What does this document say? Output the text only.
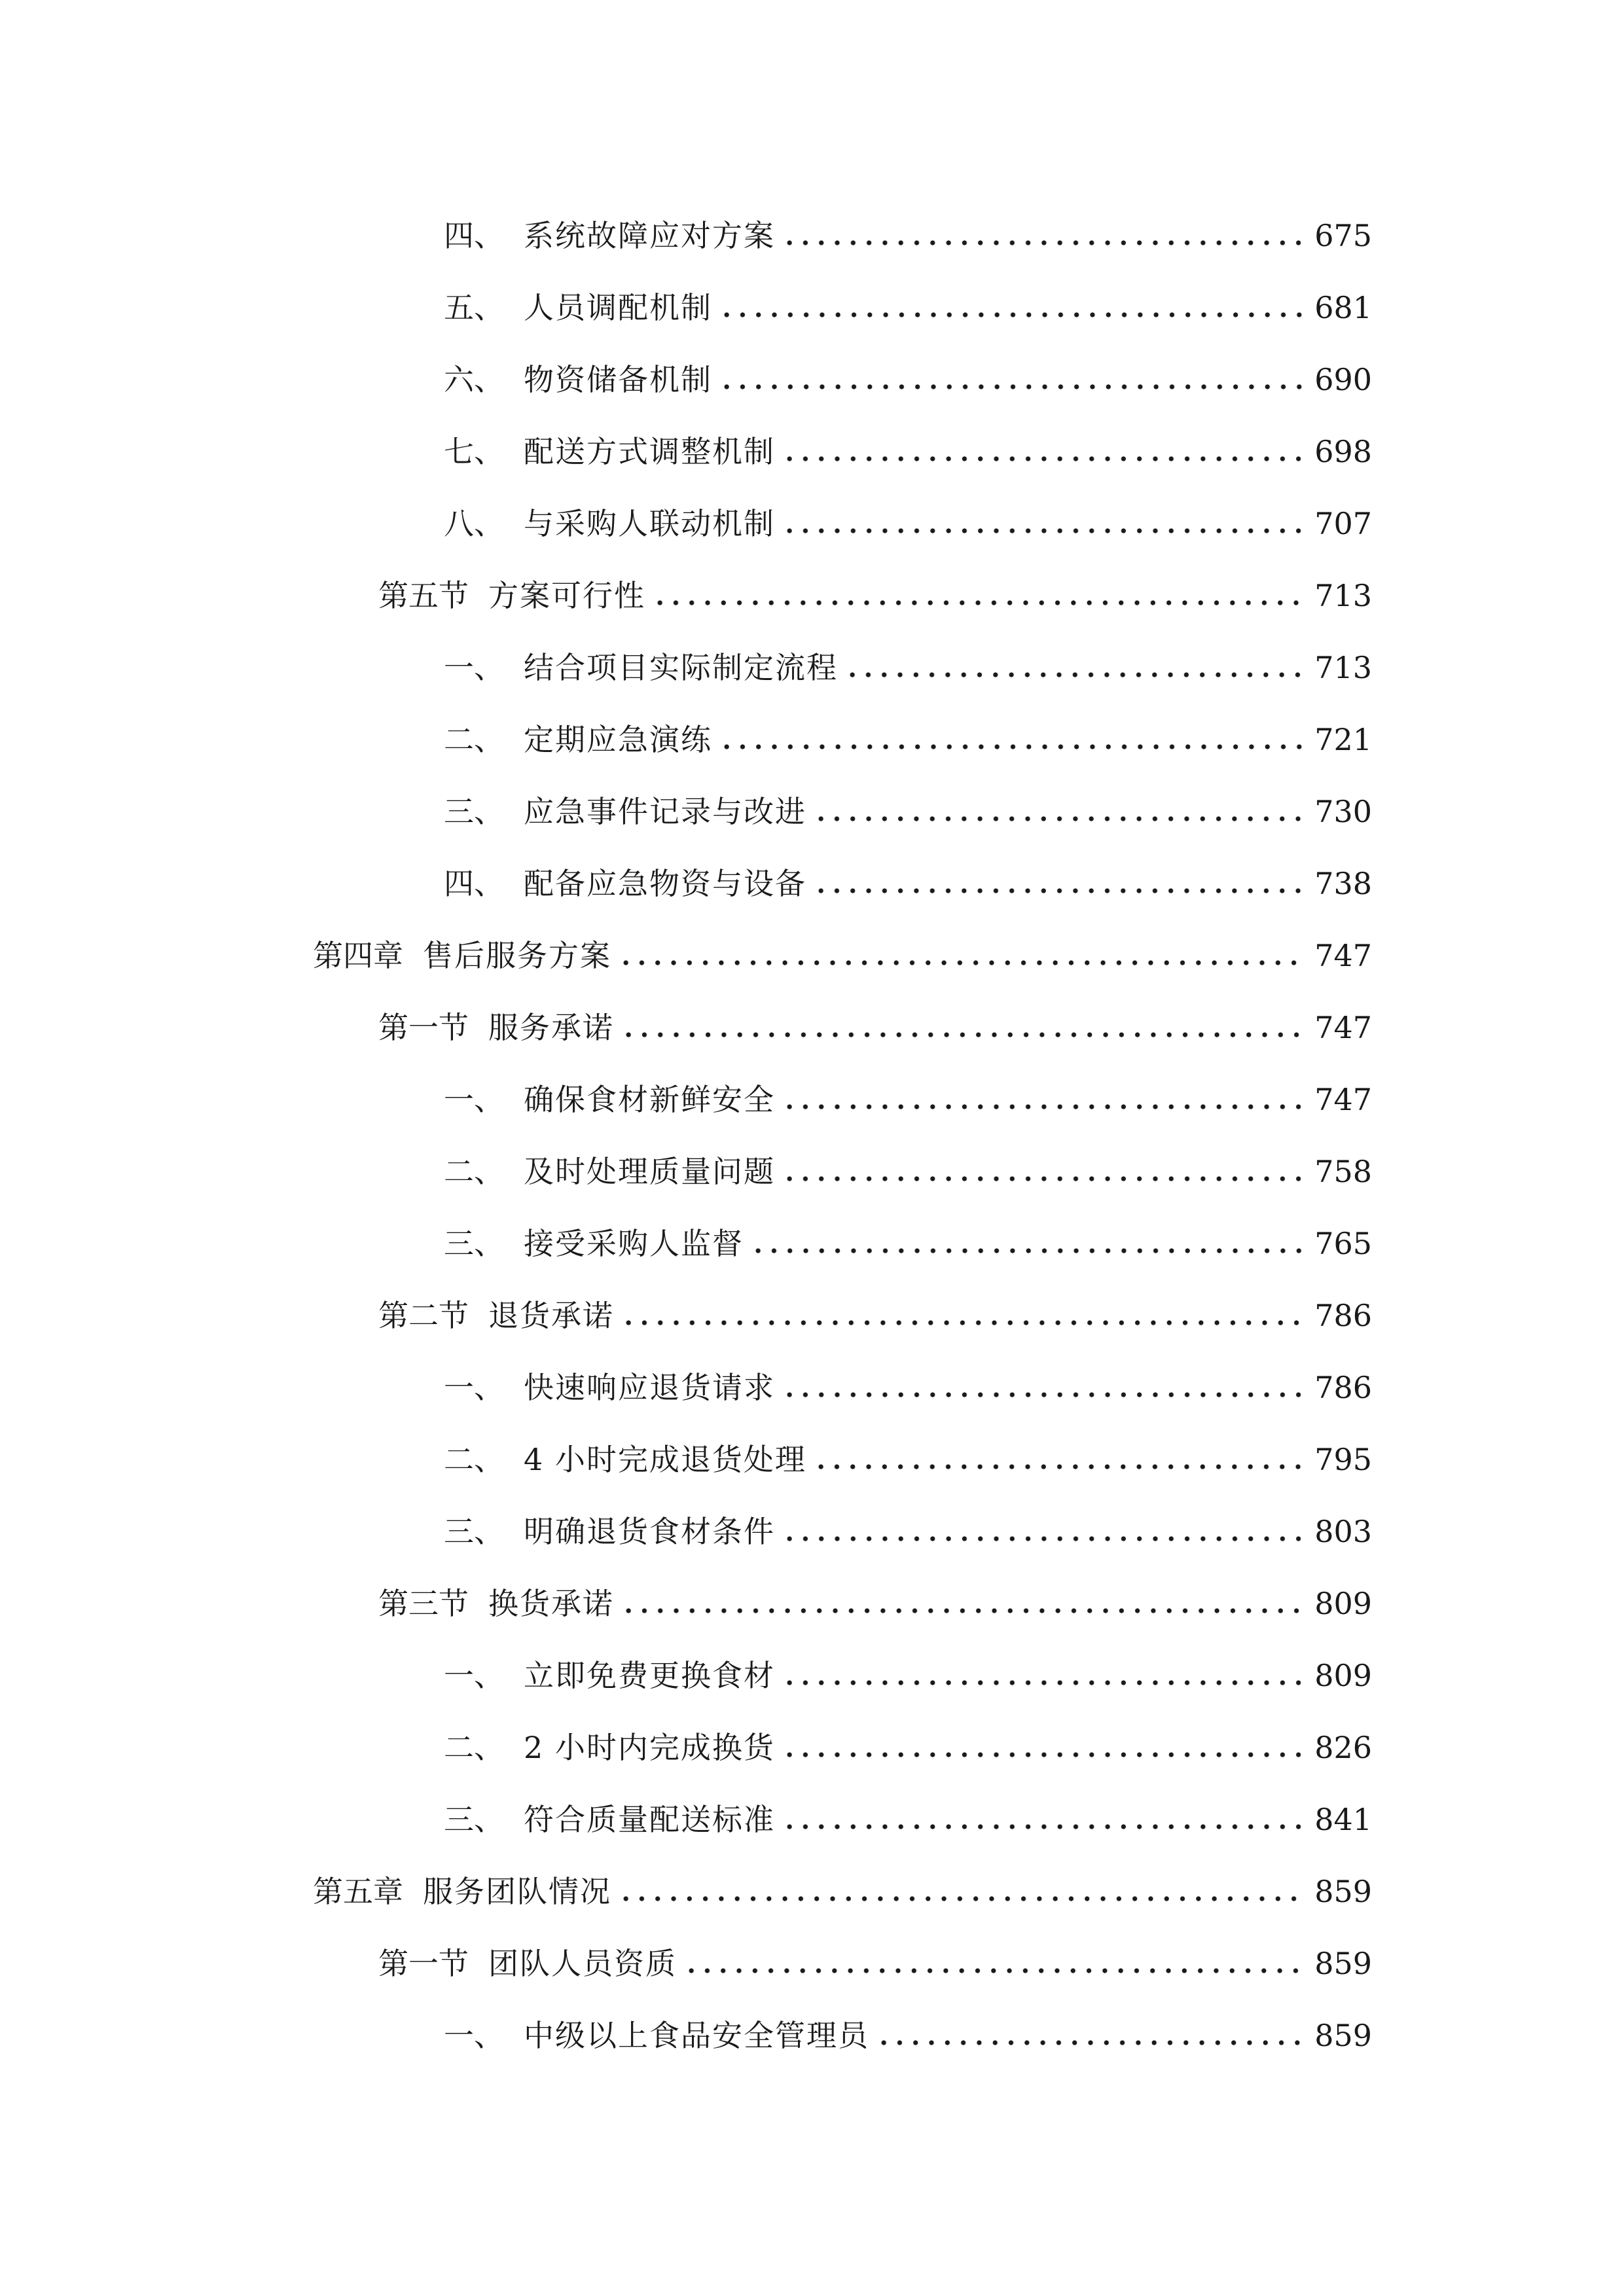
四、 系统故障应对方案	675
五、 人员调配机制	681
六、 物资储备机制	690
七、 配送方式调整机制	698
八、 与采购人联动机制	707
第五节 方案可行性	713
一、 结合项目实际制定流程	713
二、 定期应急演练	721
三、 应急事件记录与改进	730
四、 配备应急物资与设备	738
第四章 售后服务方案	747
第一节 服务承诺	747
一、 确保食材新鲜安全	747
二、 及时处理质量问题	758
三、 接受采购人监督	765
第二节 退货承诺	786
一、 快速响应退货请求	786
二、 4 小时完成退货处理	795
三、 明确退货食材条件	803
第三节 换货承诺	809
一、 立即免费更换食材	809
二、 2 小时内完成换货	826
三、 符合质量配送标准	841
第五章 服务团队情况	859
第一节 团队人员资质	859
一、 中级以上食品安全管理员	859
